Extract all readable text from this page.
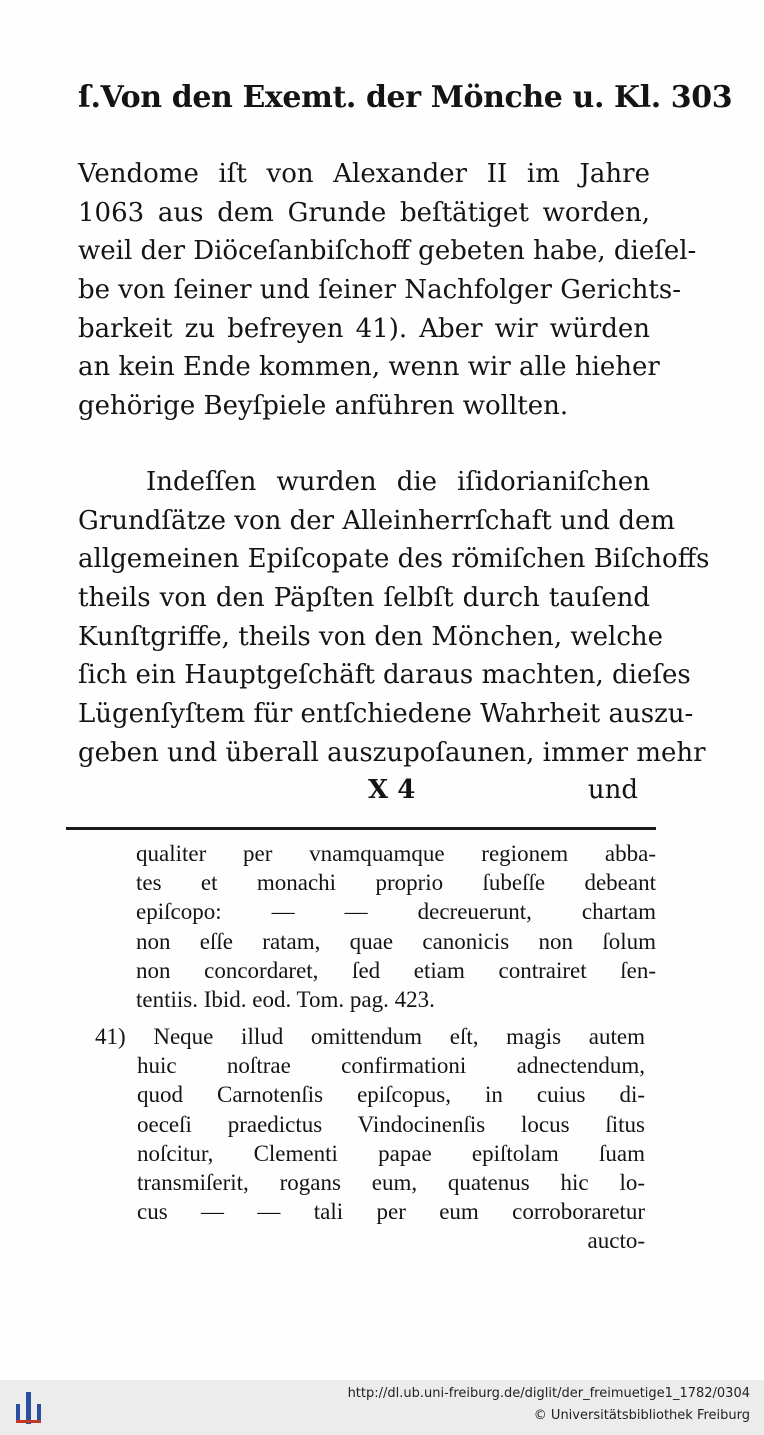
ſ.Von den Exemt. der Mönche u. Kl. 303
Vendome iſt von Alexander II im Jahre
1063 aus dem Grunde beſtätiget worden,
weil der Diöceſanbiſchoff gebeten habe, dieſel-
be von ſeiner und ſeiner Nachfolger Gerichts-
barkeit zu befreyen 41). Aber wir würden
an kein Ende kommen, wenn wir alle hieher
gehörige Beyſpiele anführen wollten.
Indeſſen wurden die iſidorianiſchen
Grundſätze von der Alleinherrſchaft und dem
allgemeinen Epiſcopate des römiſchen Biſchoffs
theils von den Päpſten ſelbſt durch tauſend
Kunſtgriffe, theils von den Mönchen, welche
ſich ein Hauptgeſchäft daraus machten, dieſes
Lügenſyſtem für entſchiedene Wahrheit auszu-
geben und überall auszupoſaunen, immer mehr
X 4	und
qualiter per vnamquamque regionem abba-
tes et monachi proprio ſubeſſe debeant
epiſcopo: — — decreuerunt, chartam
non eſſe ratam, quae canonicis non ſolum
non concordaret, ſed etiam contrairet ſen-
tentiis. Ibid. eod. Tom. pag. 423.
41) Neque illud omittendum eſt, magis autem
huic noſtrae confirmationi adnectendum,
quod Carnotenſis epiſcopus, in cuius di-
oeceſi praedictus Vindocinenſis locus ſitus
noſcitur, Clementi papae epiſtolam ſuam
transmiſerit, rogans eum, quatenus hic lo-
cus — — tali per eum corroboraretur
aucto-
http://dl.ub.uni-freiburg.de/diglit/der_freimuetige1_1782/0304
© Universitätsbibliothek Freiburg
